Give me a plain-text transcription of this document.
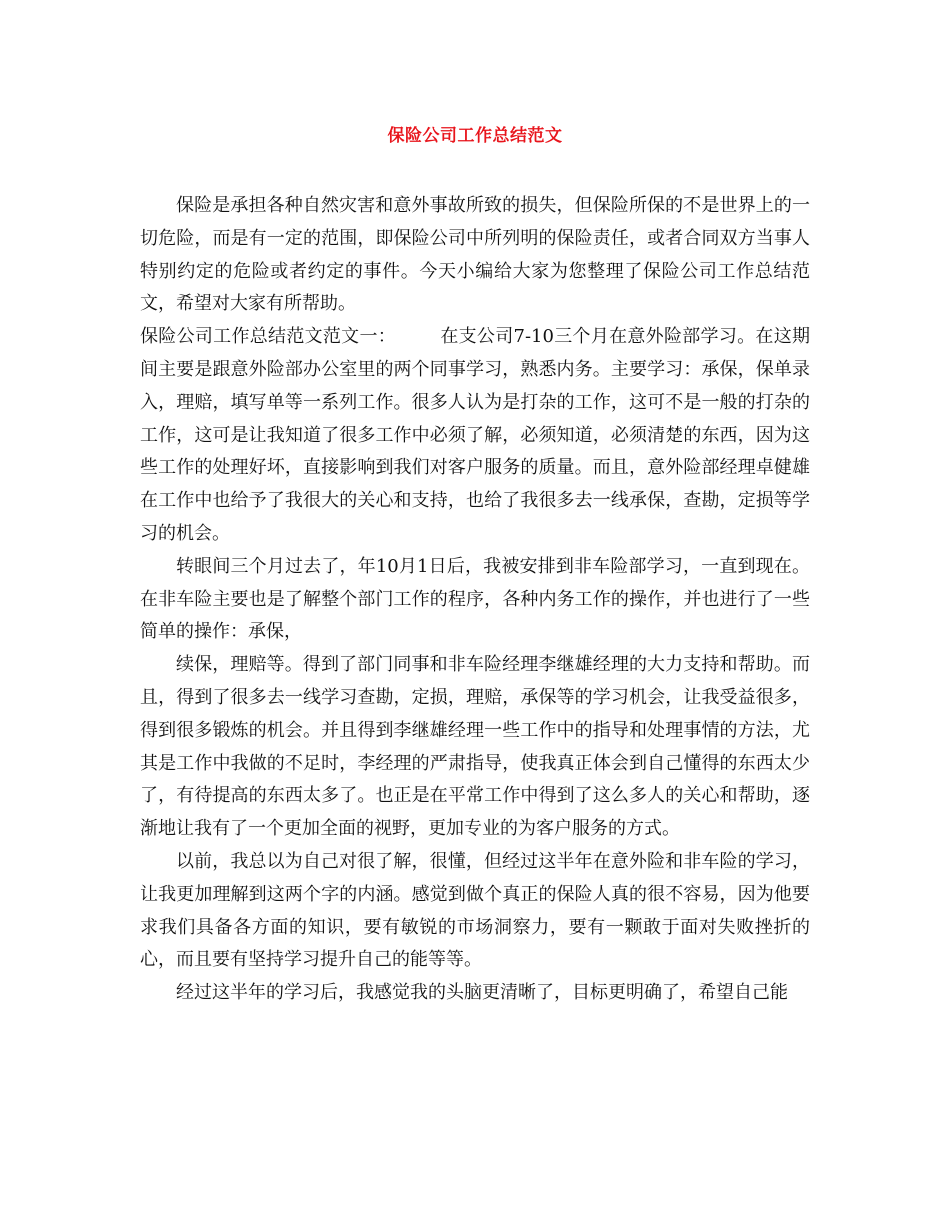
保险公司工作总结范文

保险是承担各种自然灾害和意外事故所致的损失，但保险所保的不是世界上的一切危险，而是有一定的范围，即保险公司中所列明的保险责任，或者合同双方当事人特别约定的危险或者约定的事件。今天小编给大家为您整理了保险公司工作总结范文，希望对大家有所帮助。

保险公司工作总结范文范文一： 在支公司7-10三个月在意外险部学习。在这期间主要是跟意外险部办公室里的两个同事学习，熟悉内务。主要学习：承保，保单录入，理赔，填写单等一系列工作。很多人认为是打杂的工作，这可不是一般的打杂的工作，这可是让我知道了很多工作中必须了解，必须知道，必须清楚的东西，因为这些工作的处理好坏，直接影响到我们对客户服务的质量。而且，意外险部经理卓健雄在工作中也给予了我很大的关心和支持，也给了我很多去一线承保，查勘，定损等学习的机会。

转眼间三个月过去了，年10月1日后，我被安排到非车险部学习，一直到现在。在非车险主要也是了解整个部门工作的程序，各种内务工作的操作，并也进行了一些简单的操作：承保，

续保，理赔等。得到了部门同事和非车险经理李继雄经理的大力支持和帮助。而且，得到了很多去一线学习查勘，定损，理赔，承保等的学习机会，让我受益很多，得到很多锻炼的机会。并且得到李继雄经理一些工作中的指导和处理事情的方法，尤其是工作中我做的不足时，李经理的严肃指导，使我真正体会到自己懂得的东西太少了，有待提高的东西太多了。也正是在平常工作中得到了这么多人的关心和帮助，逐渐地让我有了一个更加全面的视野，更加专业的为客户服务的方式。

以前，我总以为自己对很了解，很懂，但经过这半年在意外险和非车险的学习，让我更加理解到这两个字的内涵。感觉到做个真正的保险人真的很不容易，因为他要求我们具备各方面的知识，要有敏锐的市场洞察力，要有一颗敢于面对失败挫折的心，而且要有坚持学习提升自己的能等等。

经过这半年的学习后，我感觉我的头脑更清晰了，目标更明确了，希望自己能
